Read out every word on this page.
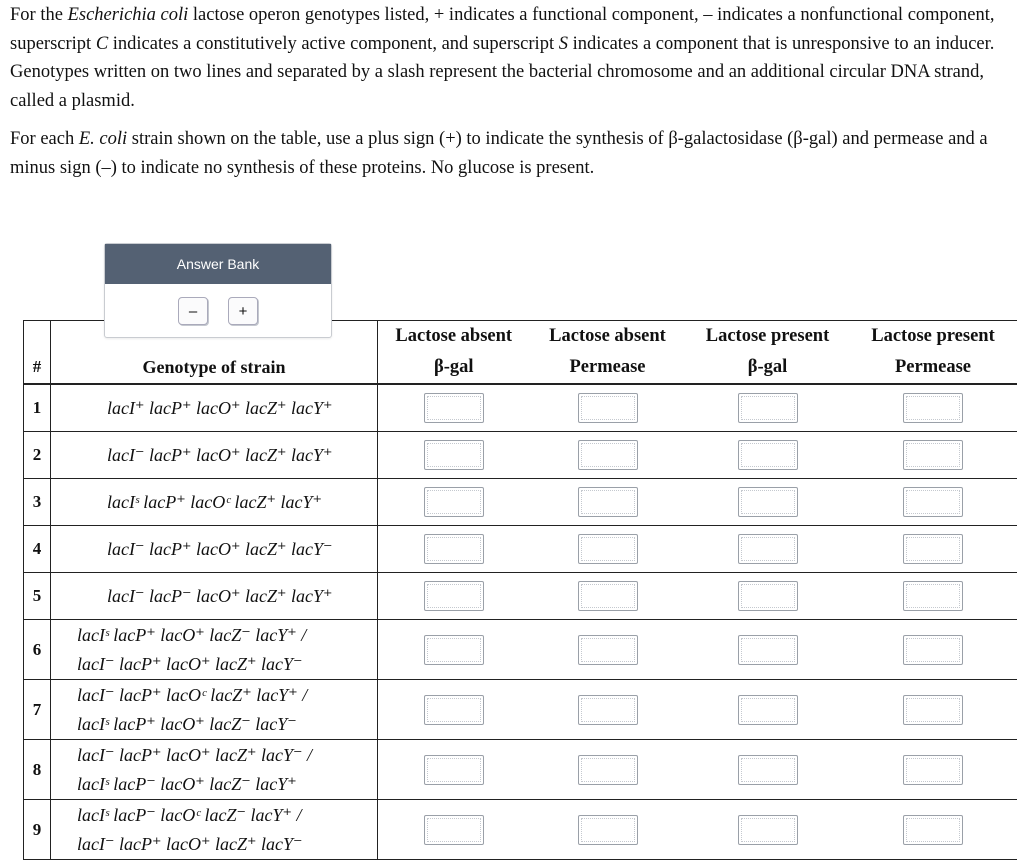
For the Escherichia coli lactose operon genotypes listed, + indicates a functional component, – indicates a nonfunctional component, superscript C indicates a constitutively active component, and superscript S indicates a component that is unresponsive to an inducer. Genotypes written on two lines and separated by a slash represent the bacterial chromosome and an additional circular DNA strand, called a plasmid.

For each E. coli strain shown on the table, use a plus sign (+) to indicate the synthesis of β-galactosidase (β-gal) and permease and a minus sign (–) to indicate no synthesis of these proteins. No glucose is present.

Answer Bank
–	+
		Lactose absent	Lactose absent	Lactose present	Lactose present
#	Genotype of strain	β-gal	Permease	β-gal	Permease
1	lacI⁺ lacP⁺ lacO⁺ lacZ⁺ lacY⁺				

2	lacI⁻ lacP⁺ lacO⁺ lacZ⁺ lacY⁺				

3	lacIˢ lacP⁺ lacOᶜ lacZ⁺ lacY⁺				

4	lacI⁻ lacP⁺ lacO⁺ lacZ⁺ lacY⁻				

5	lacI⁻ lacP⁻ lacO⁺ lacZ⁺ lacY⁺				

6	lacIˢ lacP⁺ lacO⁺ lacZ⁻ lacY⁺ /
lacI⁻ lacP⁺ lacO⁺ lacZ⁺ lacY⁻				

7	lacI⁻ lacP⁺ lacOᶜ lacZ⁺ lacY⁺ /
lacIˢ lacP⁺ lacO⁺ lacZ⁻ lacY⁻				

8	lacI⁻ lacP⁺ lacO⁺ lacZ⁺ lacY⁻ /
lacIˢ lacP⁻ lacO⁺ lacZ⁻ lacY⁺				

9	lacIˢ lacP⁻ lacOᶜ lacZ⁻ lacY⁺ /
lacI⁻ lacP⁺ lacO⁺ lacZ⁺ lacY⁻				
